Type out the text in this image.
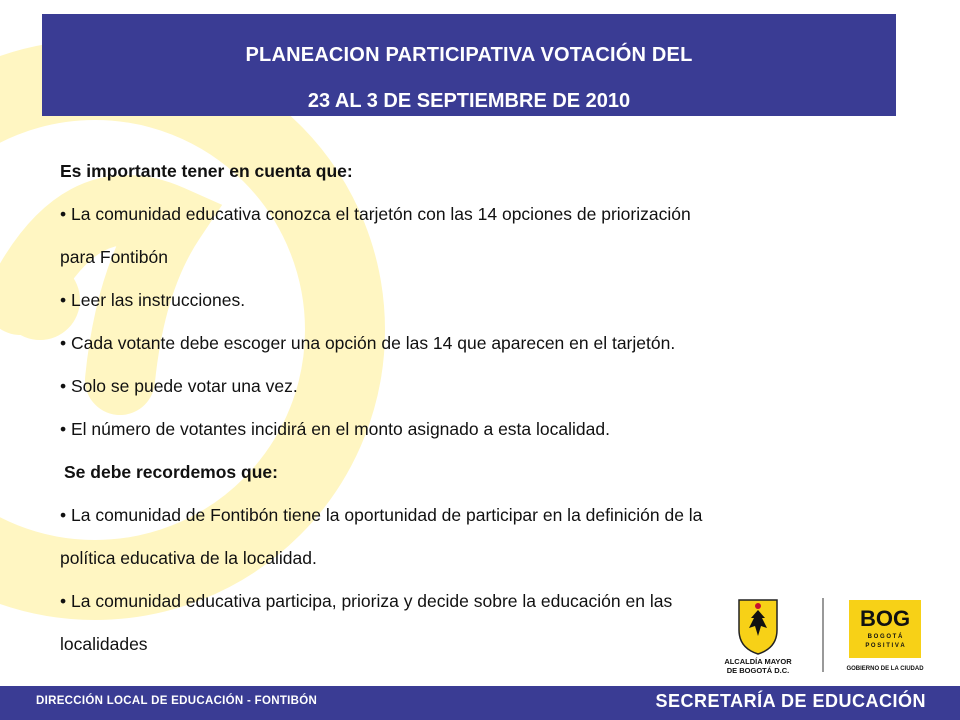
PLANEACION PARTICIPATIVA VOTACIÓN DEL
23 AL 3 DE SEPTIEMBRE DE 2010

Es importante tener en cuenta que:

• La comunidad educativa conozca el tarjetón con las 14 opciones de priorización

para Fontibón

• Leer las instrucciones.

• Cada votante debe escoger una opción de las 14 que aparecen en el tarjetón.

• Solo se puede votar una vez.

• El número de votantes incidirá en el monto asignado a esta localidad.

Se debe recordemos que:

• La comunidad de Fontibón tiene la oportunidad de participar en la definición de la

política educativa de la localidad.

• La comunidad educativa participa, prioriza y decide sobre la educación en las

localidades

ALCALDÍA MAYOR
DE BOGOTÁ D.C.
BOG
B O G O T Á
P O S I T I V A
GOBIERNO DE LA CIUDAD
DIRECCIÓN LOCAL DE EDUCACIÓN - FONTIBÓN	SECRETARÍA DE EDUCACIÓN
